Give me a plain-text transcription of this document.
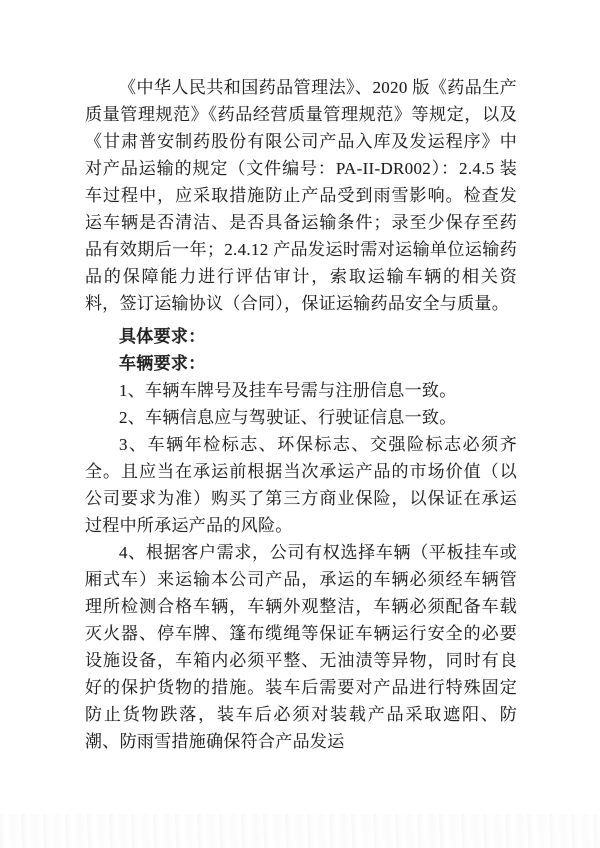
《中华人民共和国药品管理法》、2020 版《药品生产质量管理规范》《药品经营质量管理规范》等规定，以及《甘肃普安制药股份有限公司产品入库及发运程序》中对产品运输的规定（文件编号：PA-II-DR002）：2.4.5 装车过程中，应采取措施防止产品受到雨雪影响。检查发运车辆是否清洁、是否具备运输条件；录至少保存至药品有效期后一年；2.4.12 产品发运时需对运输单位运输药品的保障能力进行评估审计，索取运输车辆的相关资料，签订运输协议（合同），保证运输药品安全与质量。

具体要求：

车辆要求：

1、车辆车牌号及挂车号需与注册信息一致。

2、车辆信息应与驾驶证、行驶证信息一致。

3、车辆年检标志、环保标志、交强险标志必须齐全。且应当在承运前根据当次承运产品的市场价值（以公司要求为准）购买了第三方商业保险，以保证在承运过程中所承运产品的风险。

4、根据客户需求，公司有权选择车辆（平板挂车或厢式车）来运输本公司产品，承运的车辆必须经车辆管理所检测合格车辆，车辆外观整洁，车辆必须配备车载灭火器、停车牌、篷布缆绳等保证车辆运行安全的必要设施设备，车箱内必须平整、无油渍等异物，同时有良好的保护货物的措施。装车后需要对产品进行特殊固定防止货物跌落，装车后必须对装载产品采取遮阳、防潮、防雨雪措施确保符合产品发运
